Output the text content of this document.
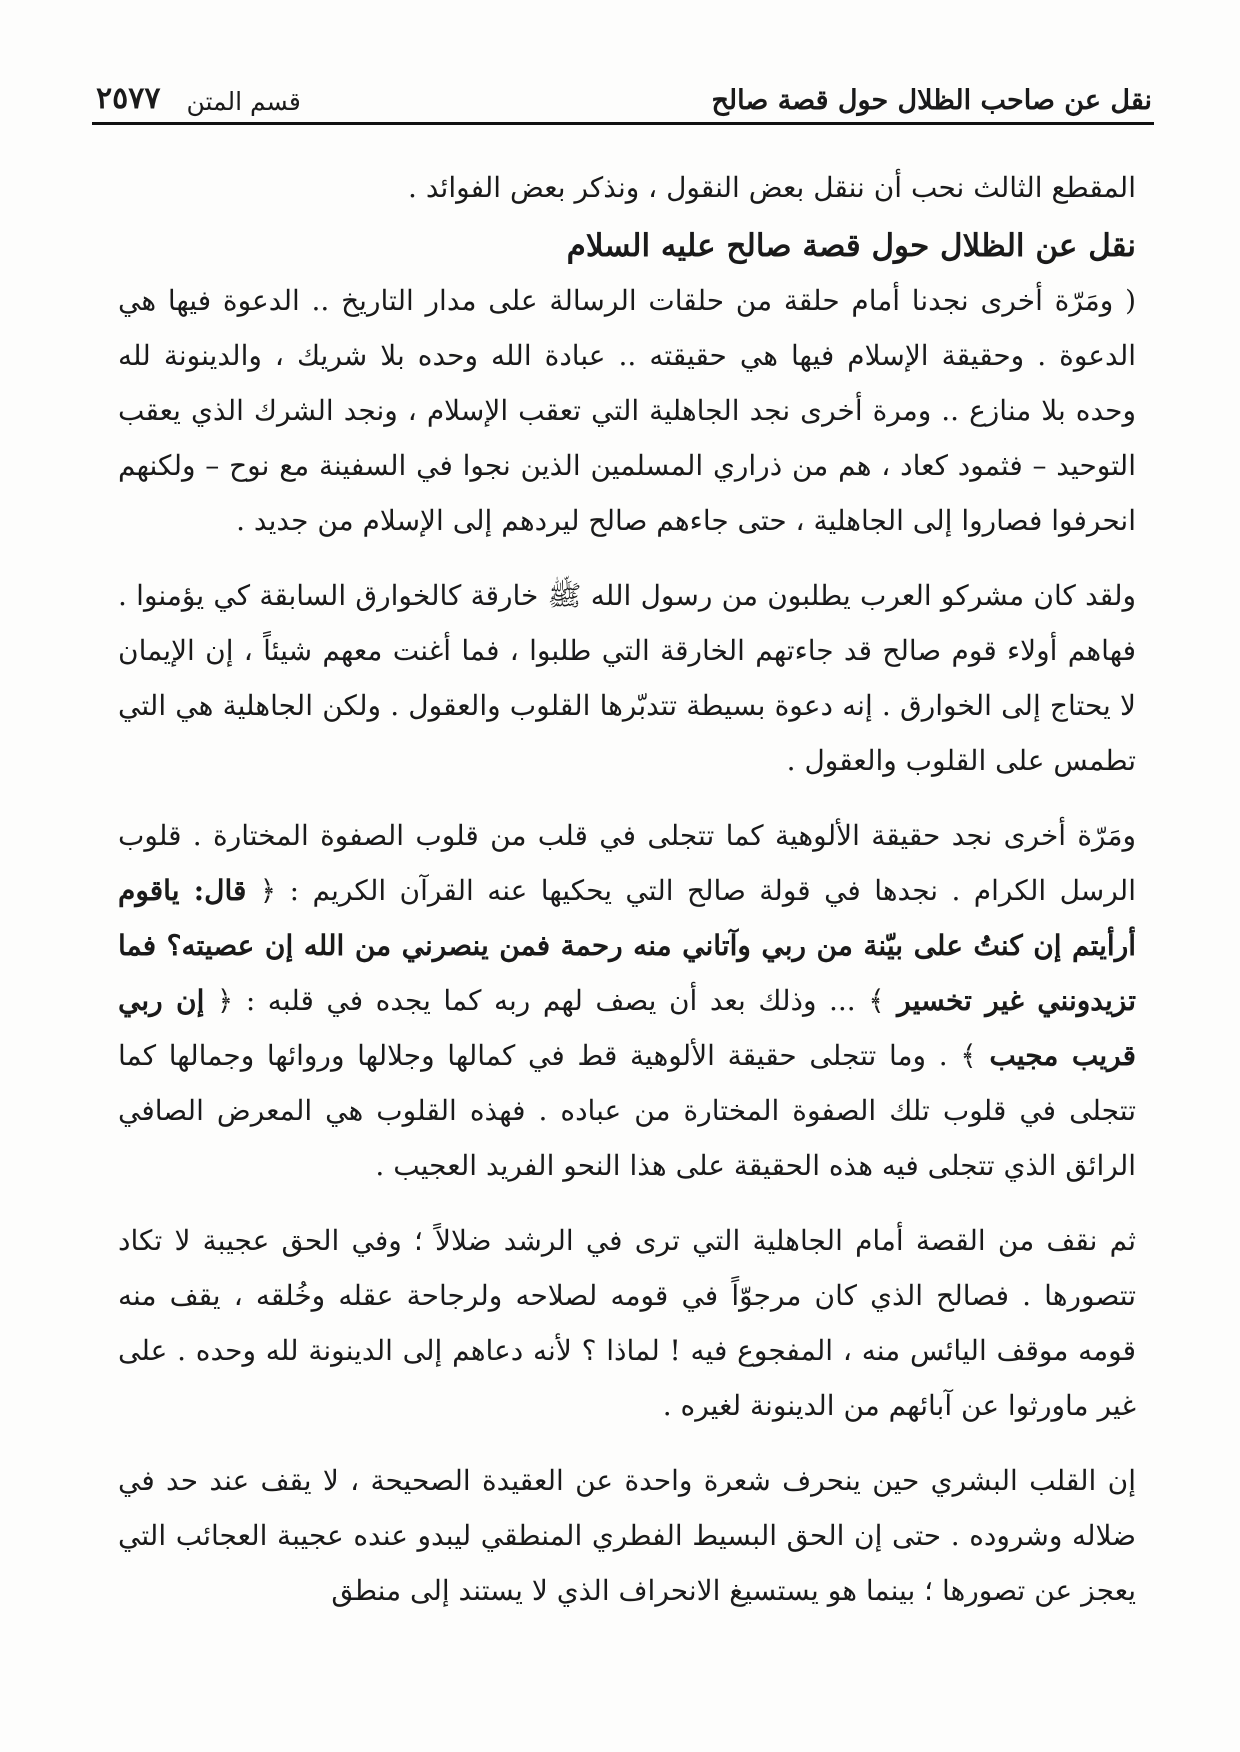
نقل عن صاحب الظلال حول قصة صالح
قسم المتن
٢٥٧٧

المقطع الثالث نحب أن ننقل بعض النقول ، ونذكر بعض الفوائد .

نقل عن الظلال حول قصة صالح عليه السلام

( ومَرّة أخرى نجدنا أمام حلقة من حلقات الرسالة على مدار التاريخ .. الدعوة فيها هي الدعوة . وحقيقة الإسلام فيها هي حقيقته .. عبادة الله وحده بلا شريك ، والدينونة لله وحده بلا منازع .. ومرة أخرى نجد الجاهلية التي تعقب الإسلام ، ونجد الشرك الذي يعقب التوحيد – فثمود كعاد ، هم من ذراري المسلمين الذين نجوا في السفينة مع نوح – ولكنهم انحرفوا فصاروا إلى الجاهلية ، حتى جاءهم صالح ليردهم إلى الإسلام من جديد .

ولقد كان مشركو العرب يطلبون من رسول الله ﷺ خارقة كالخوارق السابقة كي يؤمنوا . فهاهم أولاء قوم صالح قد جاءتهم الخارقة التي طلبوا ، فما أغنت معهم شيئاً ، إن الإيمان لا يحتاج إلى الخوارق . إنه دعوة بسيطة تتدبّرها القلوب والعقول . ولكن الجاهلية هي التي تطمس على القلوب والعقول .

ومَرّة أخرى نجد حقيقة الألوهية كما تتجلى في قلب من قلوب الصفوة المختارة . قلوب الرسل الكرام . نجدها في قولة صالح التي يحكيها عنه القرآن الكريم : ﴿ قال: ياقوم أرأيتم إن كنتُ على بيّنة من ربي وآتاني منه رحمة فمن ينصرني من الله إن عصيته؟ فما تزيدونني غير تخسير ﴾ ... وذلك بعد أن يصف لهم ربه كما يجده في قلبه : ﴿ إن ربي قريب مجيب ﴾ . وما تتجلى حقيقة الألوهية قط في كمالها وجلالها وروائها وجمالها كما تتجلى في قلوب تلك الصفوة المختارة من عباده . فهذه القلوب هي المعرض الصافي الرائق الذي تتجلى فيه هذه الحقيقة على هذا النحو الفريد العجيب .

ثم نقف من القصة أمام الجاهلية التي ترى في الرشد ضلالاً ؛ وفي الحق عجيبة لا تكاد تتصورها . فصالح الذي كان مرجوّاً في قومه لصلاحه ولرجاحة عقله وخُلقه ، يقف منه قومه موقف اليائس منه ، المفجوع فيه ! لماذا ؟ لأنه دعاهم إلى الدينونة لله وحده . على غير ماورثوا عن آبائهم من الدينونة لغيره .

إن القلب البشري حين ينحرف شعرة واحدة عن العقيدة الصحيحة ، لا يقف عند حد في ضلاله وشروده . حتى إن الحق البسيط الفطري المنطقي ليبدو عنده عجيبة العجائب التي يعجز عن تصورها ؛ بينما هو يستسيغ الانحراف الذي لا يستند إلى منطق
